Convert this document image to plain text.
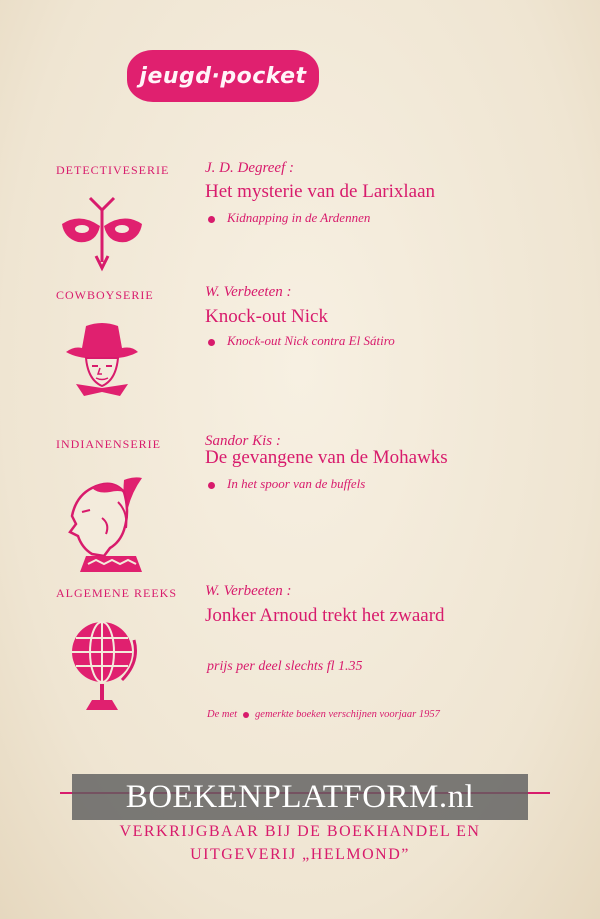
jeugd·pocket
DETECTIVESERIE J. D. Degreef :
Het mysterie van de Larixlaan
Kidnapping in de Ardennen
COWBOYSERIE	W. Verbeeten :
Knock-out Nick
Knock-out Nick contra El Sátiro
INDIANENSERIE	Sandor Kis :
De gevangene van de Mohawks
In het spoor van de buffels
ALGEMENE REEKS W. Verbeeten :
Jonker Arnoud trekt het zwaard
prijs per deel slechts fl 1.35
De met gemerkte boeken verschijnen voorjaar 1957
BOEKENPLATFORM.nl
VERKRIJGBAAR BIJ DE BOEKHANDEL EN
UITGEVERIJ „HELMOND”
